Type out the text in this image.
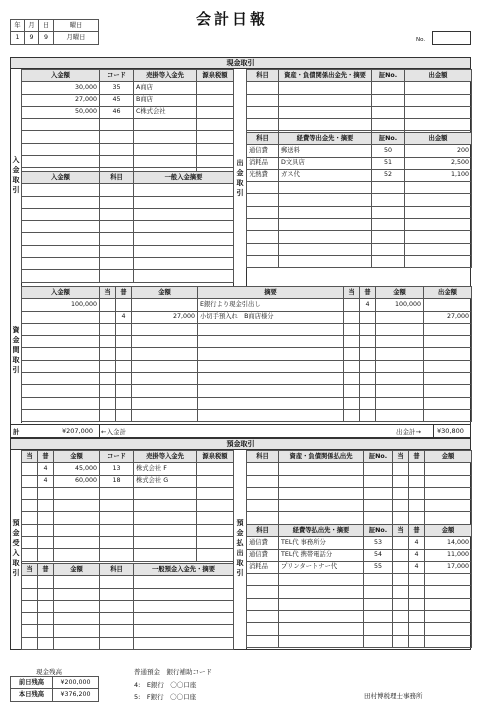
会計日報
年	月	日	曜日
1	9	9	月曜日	No.
現金取引
入金取引
資金間取引
出金取引
入金額	コード	売掛等入金先	源泉税額
30,000	35	A商店	
27,000	45	B商店	
50,000	46	C株式会社	

入金額	科目	一般入金摘要

科目	資産・負債関係出金先・摘要	証No.	出金額

科目	経費等出金先・摘要	証No.	出金額
通信費	郵送料	50	200
消耗品	D文具店	51	2,500
光熱費	ガス代	52	1,100

入金額	当	普	金額	摘要	当	普	金額	出金額
100,000				E銀行より現金引出し		4	100,000	
		4	27,000	小切手預入れ　B商店様分				27,000

計	¥207,000 ←入金計	出金計→ ¥30,800
預金取引
預金受入取引
預金払出取引
当	普	金額	コード	売掛等入金先	源泉税額
	4	45,000	13	株式会社 F	
	4	60,000	18	株式会社 G	

当	普	金額	科目	一般預金入金先・摘要

科目	資産・負債関係払出先	証No.	当	普	金額

科目	経費等払出先・摘要	証No.	当	普	金額
通信費	TEL代 事務所分	53		4	14,000
通信費	TEL代 携帯電話分	54		4	11,000
消耗品	プリンタートナー代	55		4	17,000

現金残高
前日残高	¥200,000
本日残高	¥376,200
普通預金　銀行補助コード
4:　E銀行　〇〇口座
5:　F銀行　〇〇口座	田村博税理士事務所
